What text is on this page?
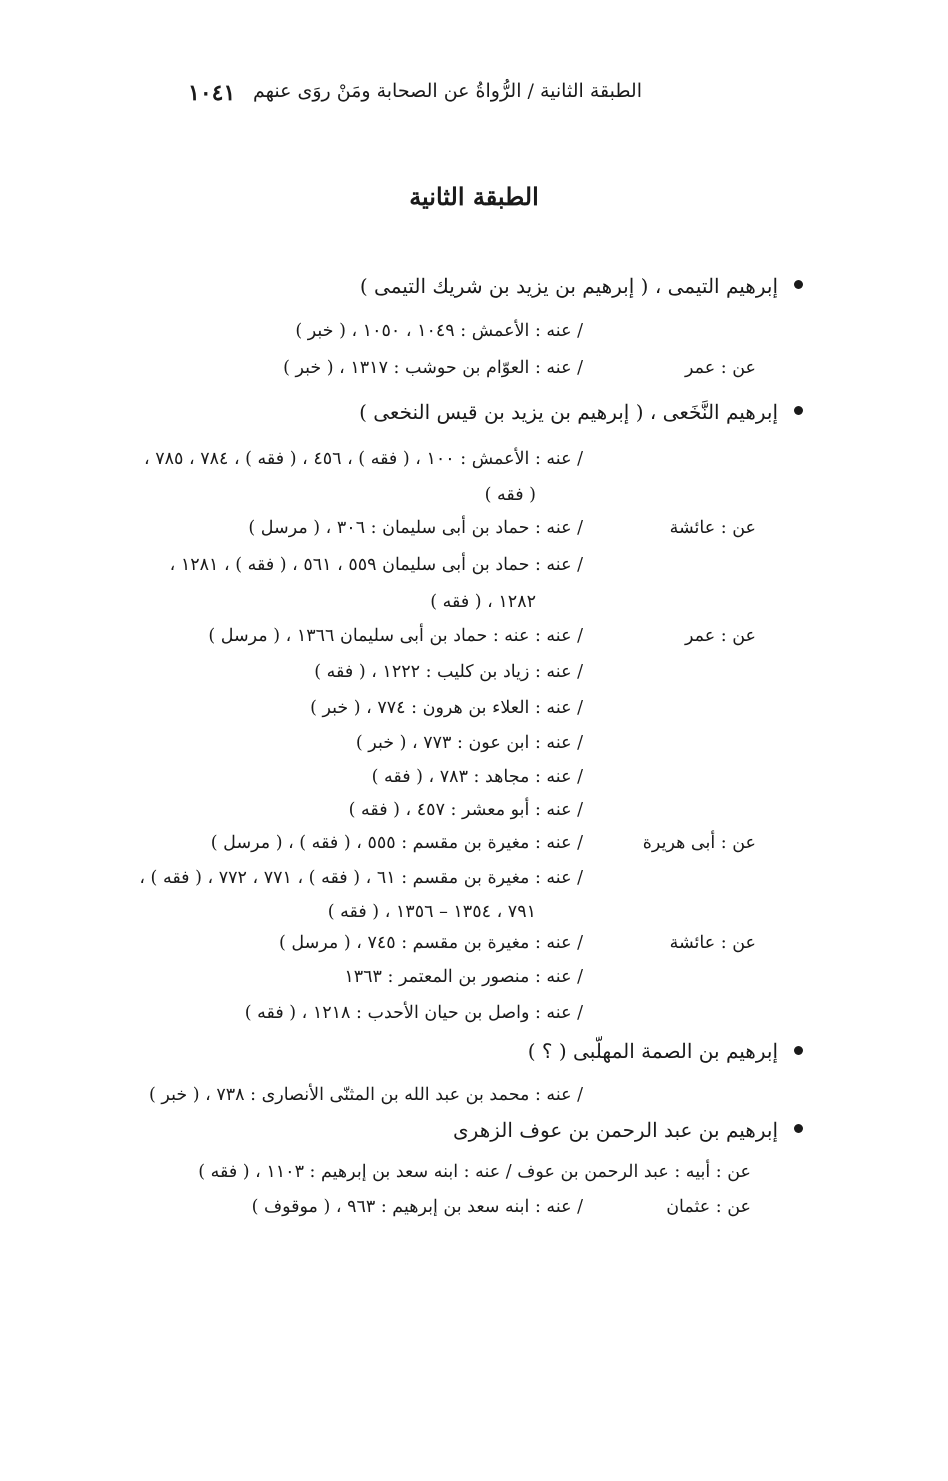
الطبقة الثانية / الرُّواةُ عن الصحابة ومَنْ روَى عنهم
١٠٤١
الطبقة الثانية
إبرهيم التيمى ، ( إبرهيم بن يزيد بن شريك التيمى )
/ عنه : الأعمش : ١٠٤٩ ، ١٠٥٠ ، ( خبر )
عن : عمر
/ عنه : العوّام بن حوشب : ١٣١٧ ، ( خبر )
إبرهيم النَّخَعى ، ( إبرهيم بن يزيد بن قيس النخعى )
/ عنه : الأعمش : ١٠٠ ، ( فقه ) ، ٤٥٦ ، ( فقه ) ، ٧٨٤ ، ٧٨٥ ،
( فقه )
عن : عائشة
/ عنه : حماد بن أبى سليمان : ٣٠٦ ، ( مرسل )
/ عنه : حماد بن أبى سليمان ٥٥٩ ، ٥٦١ ، ( فقه ) ، ١٢٨١ ،
١٢٨٢ ، ( فقه )
عن : عمر
/ عنه : عنه : حماد بن أبى سليمان ١٣٦٦ ، ( مرسل )
/ عنه : زياد بن كليب : ١٢٢٢ ، ( فقه )
/ عنه : العلاء بن هرون : ٧٧٤ ، ( خبر )
/ عنه : ابن عون : ٧٧٣ ، ( خبر )
/ عنه : مجاهد : ٧٨٣ ، ( فقه )
/ عنه : أبو معشر : ٤٥٧ ، ( فقه )
عن : أبى هريرة
/ عنه : مغيرة بن مقسم : ٥٥٥ ، ( فقه ) ، ( مرسل )
/ عنه : مغيرة بن مقسم : ٦١ ، ( فقه ) ، ٧٧١ ، ٧٧٢ ، ( فقه ) ،
٧٩١ ، ١٣٥٤ – ١٣٥٦ ، ( فقه )
عن : عائشة
/ عنه : مغيرة بن مقسم : ٧٤٥ ، ( مرسل )
/ عنه : منصور بن المعتمر : ١٣٦٣
/ عنه : واصل بن حيان الأحدب : ١٢١٨ ، ( فقه )
إبرهيم بن الصمة المهلّبى ( ؟ )
/ عنه : محمد بن عبد الله بن المثنّى الأنصارى : ٧٣٨ ، ( خبر )
إبرهيم بن عبد الرحمن بن عوف الزهرى
عن : أبيه : عبد الرحمن بن عوف / عنه : ابنه سعد بن إبرهيم : ١١٠٣ ، ( فقه )
عن : عثمان
/ عنه : ابنه سعد بن إبرهيم : ٩٦٣ ، ( موقوف )
